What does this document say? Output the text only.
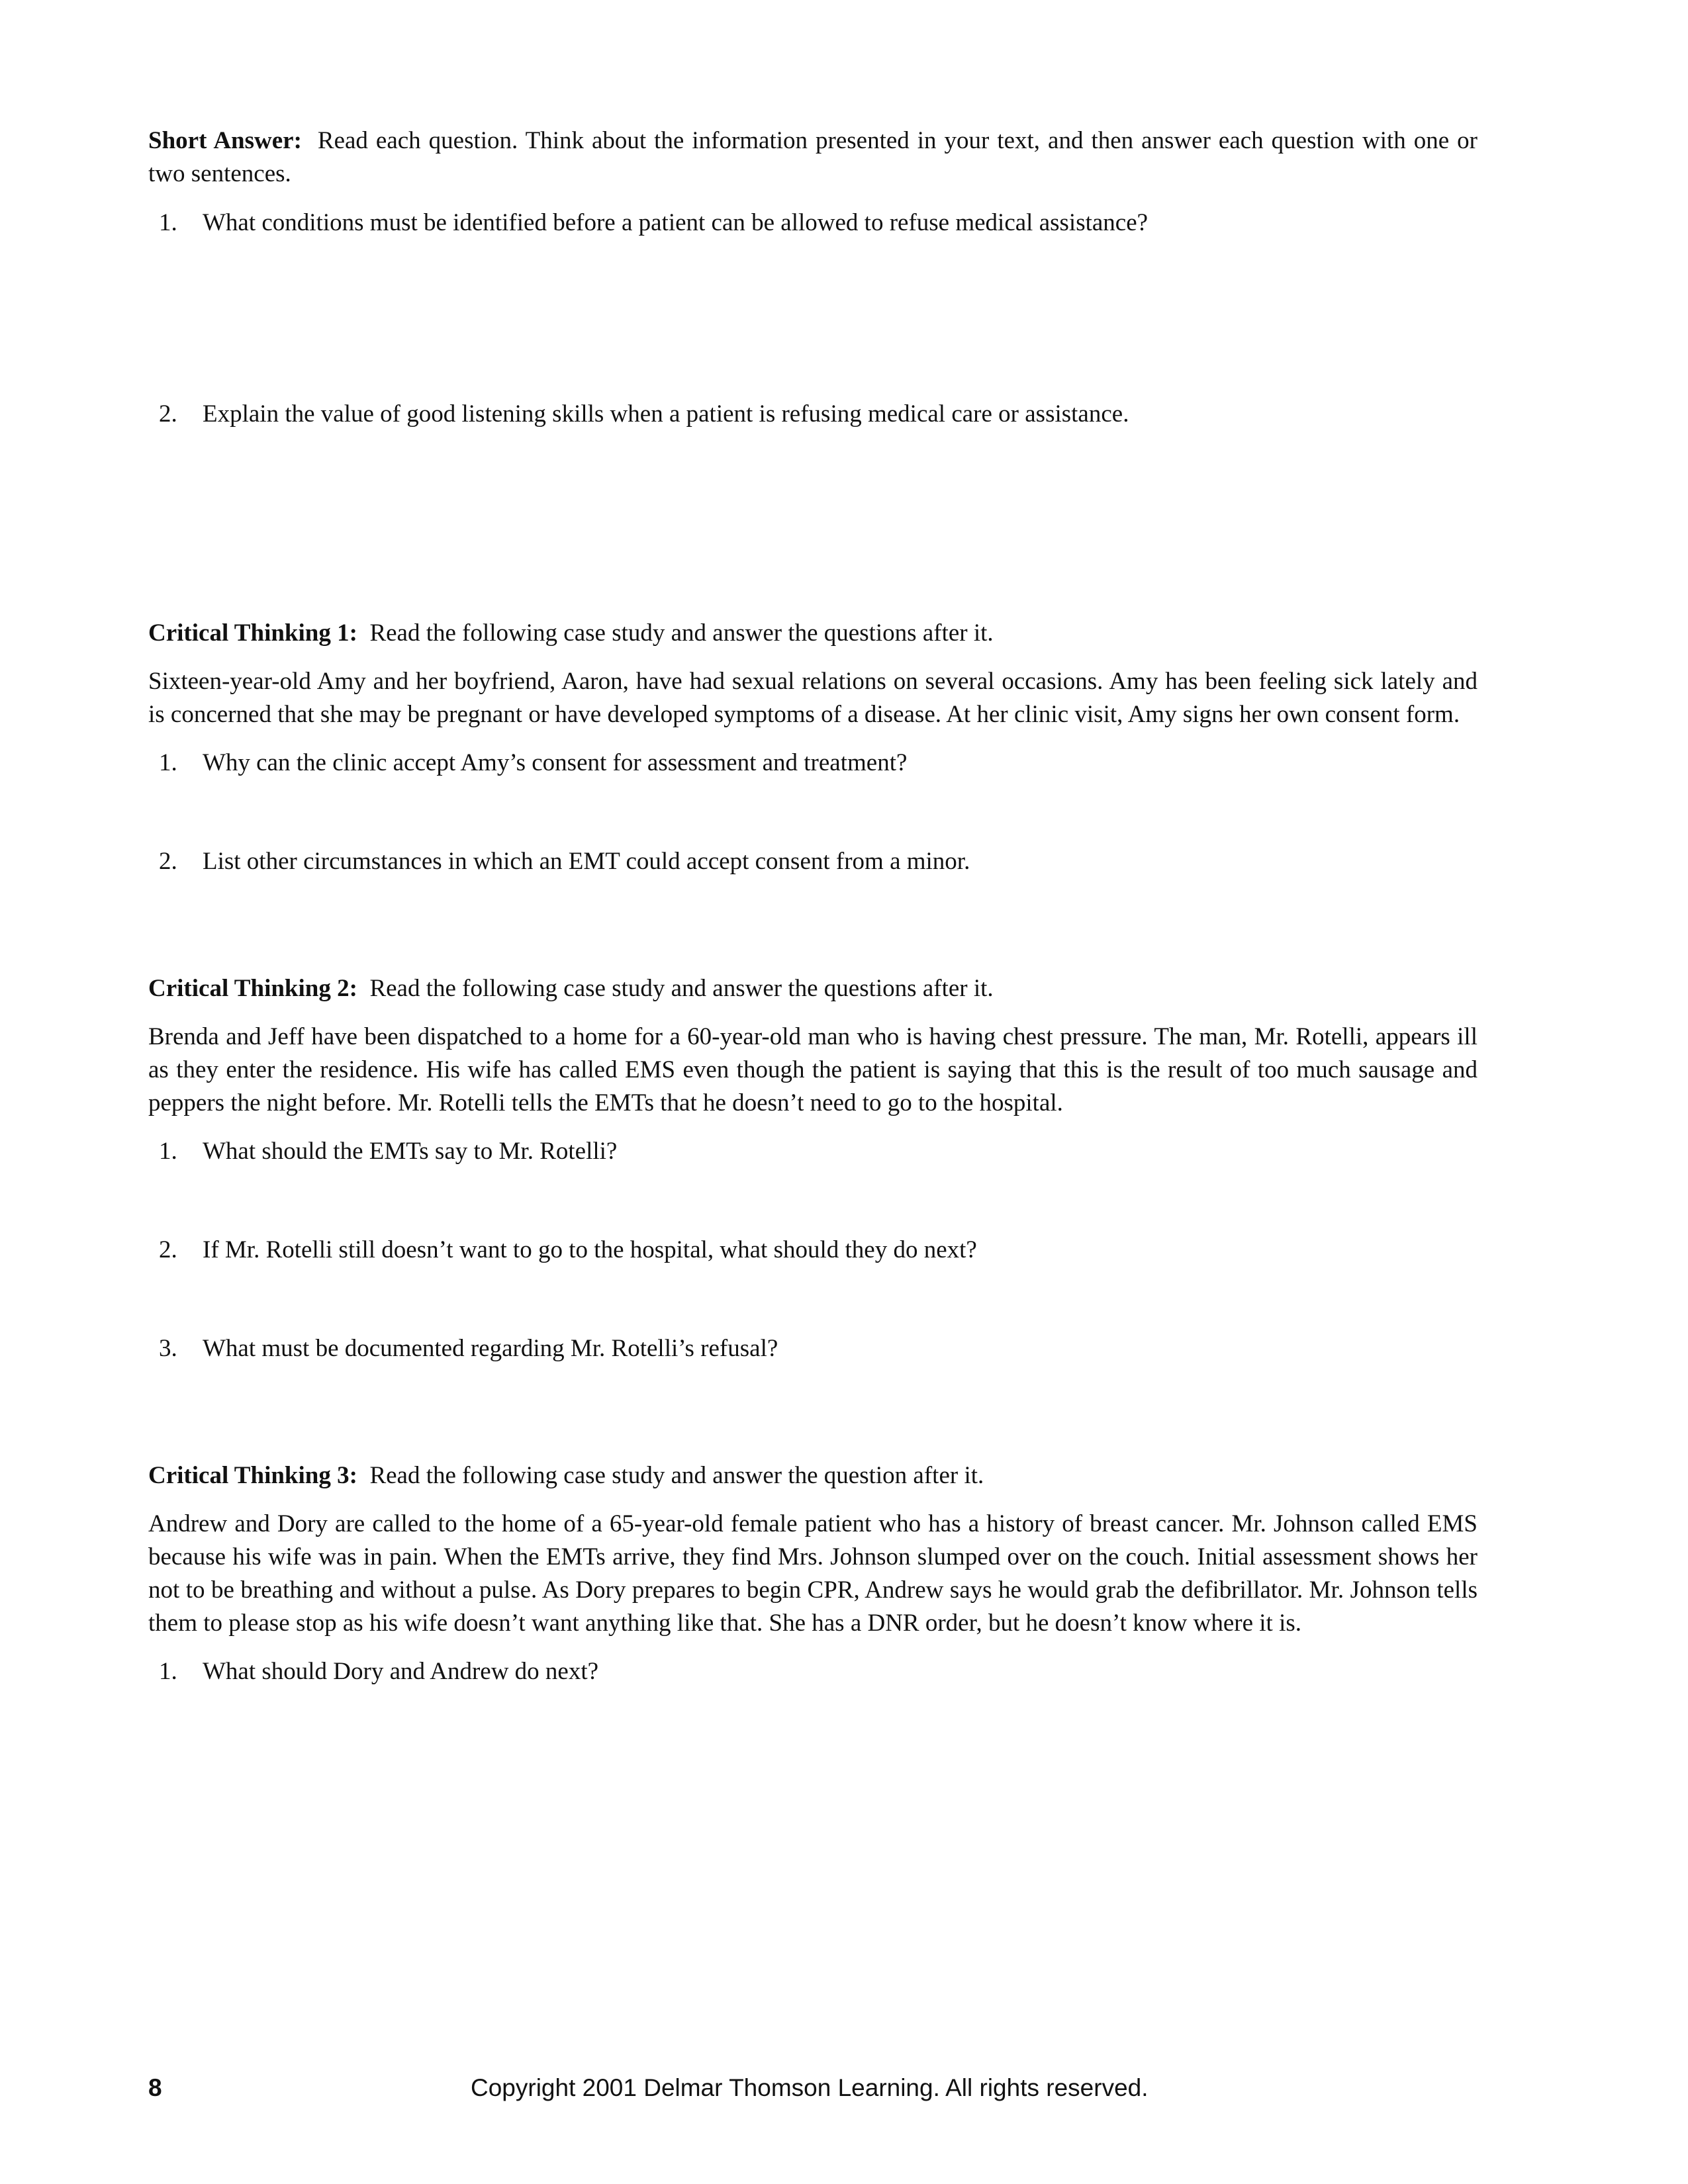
Short Answer: Read each question. Think about the information presented in your text, and then answer each question with one or two sentences.

1. What conditions must be identified before a patient can be allowed to refuse medical assistance?

2. Explain the value of good listening skills when a patient is refusing medical care or assistance.

Critical Thinking 1: Read the following case study and answer the questions after it.

Sixteen-year-old Amy and her boyfriend, Aaron, have had sexual relations on several occasions. Amy has been feeling sick lately and is concerned that she may be pregnant or have developed symptoms of a disease. At her clinic visit, Amy signs her own consent form.

1. Why can the clinic accept Amy’s consent for assessment and treatment?

2. List other circumstances in which an EMT could accept consent from a minor.

Critical Thinking 2: Read the following case study and answer the questions after it.

Brenda and Jeff have been dispatched to a home for a 60-year-old man who is having chest pressure. The man, Mr. Rotelli, appears ill as they enter the residence. His wife has called EMS even though the patient is saying that this is the result of too much sausage and peppers the night before. Mr. Rotelli tells the EMTs that he doesn’t need to go to the hospital.

1. What should the EMTs say to Mr. Rotelli?

2. If Mr. Rotelli still doesn’t want to go to the hospital, what should they do next?

3. What must be documented regarding Mr. Rotelli’s refusal?

Critical Thinking 3: Read the following case study and answer the question after it.

Andrew and Dory are called to the home of a 65-year-old female patient who has a history of breast cancer. Mr. Johnson called EMS because his wife was in pain. When the EMTs arrive, they find Mrs. Johnson slumped over on the couch. Initial assessment shows her not to be breathing and without a pulse. As Dory prepares to begin CPR, Andrew says he would grab the defibrillator. Mr. Johnson tells them to please stop as his wife doesn’t want anything like that. She has a DNR order, but he doesn’t know where it is.

1. What should Dory and Andrew do next?

8	Copyright 2001 Delmar Thomson Learning. All rights reserved.
